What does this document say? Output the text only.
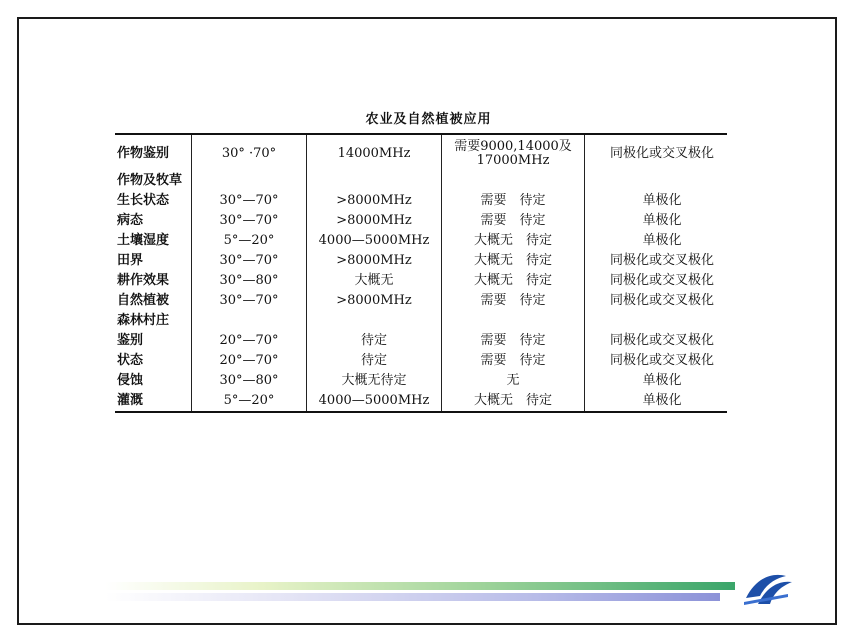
农业及自然植被应用
作物鉴别	30° ·70°	14000MHz	需要9000,14000及17000MHz	同极化或交叉极化
作物及牧草				
生长状态	30°—70°	>8000MHz	需要　待定	单极化
病态	30°—70°	>8000MHz	需要　待定	单极化
土壤湿度	5°—20°	4000—5000MHz	大概无　待定	单极化
田界	30°—70°	>8000MHz	大概无　待定	同极化或交叉极化
耕作效果	30°—80°	大概无	大概无　待定	同极化或交叉极化
自然植被	30°—70°	>8000MHz	需要　待定	同极化或交叉极化
森林村庄				
鉴别	20°—70°	待定	需要　待定	同极化或交叉极化
状态	20°—70°	待定	需要　待定	同极化或交叉极化
侵蚀	30°—80°	大概无待定	无	单极化
灌溉	5°—20°	4000—5000MHz	大概无　待定	单极化
